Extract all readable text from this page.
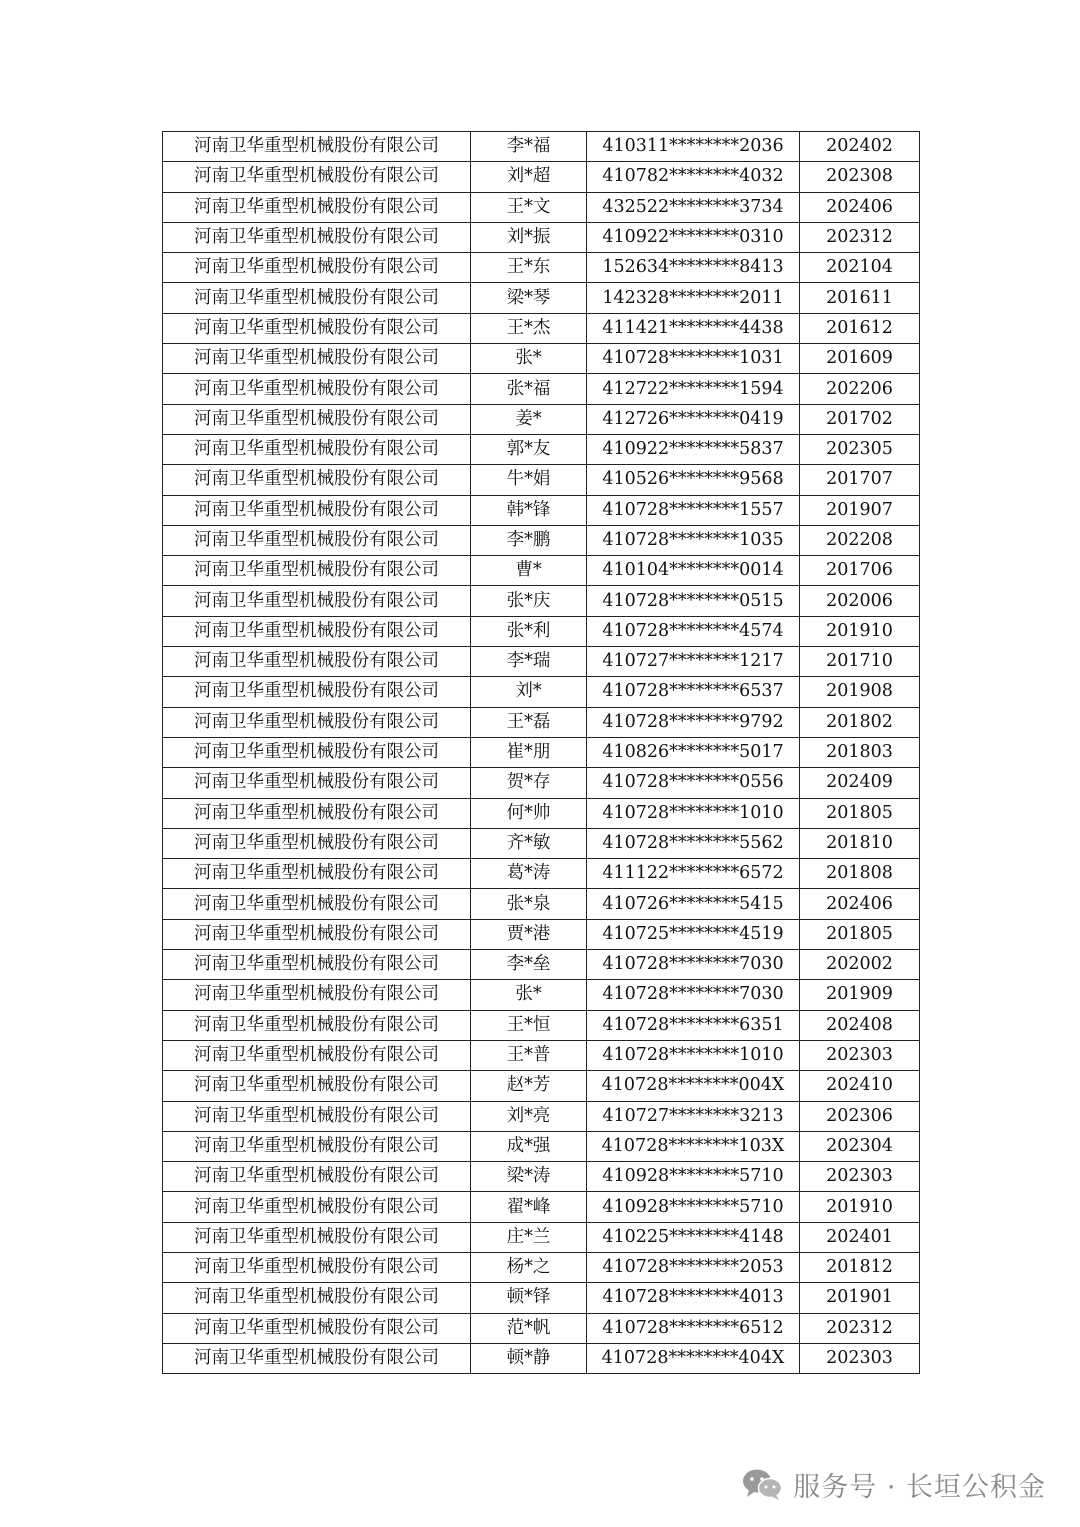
河南卫华重型机械股份有限公司	李*福	410311********2036	202402
河南卫华重型机械股份有限公司	刘*超	410782********4032	202308
河南卫华重型机械股份有限公司	王*文	432522********3734	202406
河南卫华重型机械股份有限公司	刘*振	410922********0310	202312
河南卫华重型机械股份有限公司	王*东	152634********8413	202104
河南卫华重型机械股份有限公司	梁*琴	142328********2011	201611
河南卫华重型机械股份有限公司	王*杰	411421********4438	201612
河南卫华重型机械股份有限公司	张*	410728********1031	201609
河南卫华重型机械股份有限公司	张*福	412722********1594	202206
河南卫华重型机械股份有限公司	姜*	412726********0419	201702
河南卫华重型机械股份有限公司	郭*友	410922********5837	202305
河南卫华重型机械股份有限公司	牛*娟	410526********9568	201707
河南卫华重型机械股份有限公司	韩*锋	410728********1557	201907
河南卫华重型机械股份有限公司	李*鹏	410728********1035	202208
河南卫华重型机械股份有限公司	曹*	410104********0014	201706
河南卫华重型机械股份有限公司	张*庆	410728********0515	202006
河南卫华重型机械股份有限公司	张*利	410728********4574	201910
河南卫华重型机械股份有限公司	李*瑞	410727********1217	201710
河南卫华重型机械股份有限公司	刘*	410728********6537	201908
河南卫华重型机械股份有限公司	王*磊	410728********9792	201802
河南卫华重型机械股份有限公司	崔*朋	410826********5017	201803
河南卫华重型机械股份有限公司	贺*存	410728********0556	202409
河南卫华重型机械股份有限公司	何*帅	410728********1010	201805
河南卫华重型机械股份有限公司	齐*敏	410728********5562	201810
河南卫华重型机械股份有限公司	葛*涛	411122********6572	201808
河南卫华重型机械股份有限公司	张*泉	410726********5415	202406
河南卫华重型机械股份有限公司	贾*港	410725********4519	201805
河南卫华重型机械股份有限公司	李*垒	410728********7030	202002
河南卫华重型机械股份有限公司	张*	410728********7030	201909
河南卫华重型机械股份有限公司	王*恒	410728********6351	202408
河南卫华重型机械股份有限公司	王*普	410728********1010	202303
河南卫华重型机械股份有限公司	赵*芳	410728********004X	202410
河南卫华重型机械股份有限公司	刘*亮	410727********3213	202306
河南卫华重型机械股份有限公司	成*强	410728********103X	202304
河南卫华重型机械股份有限公司	梁*涛	410928********5710	202303
河南卫华重型机械股份有限公司	翟*峰	410928********5710	201910
河南卫华重型机械股份有限公司	庄*兰	410225********4148	202401
河南卫华重型机械股份有限公司	杨*之	410728********2053	201812
河南卫华重型机械股份有限公司	顿*铎	410728********4013	201901
河南卫华重型机械股份有限公司	范*帆	410728********6512	202312
河南卫华重型机械股份有限公司	顿*静	410728********404X	202303
服务号 · 长垣公积金
